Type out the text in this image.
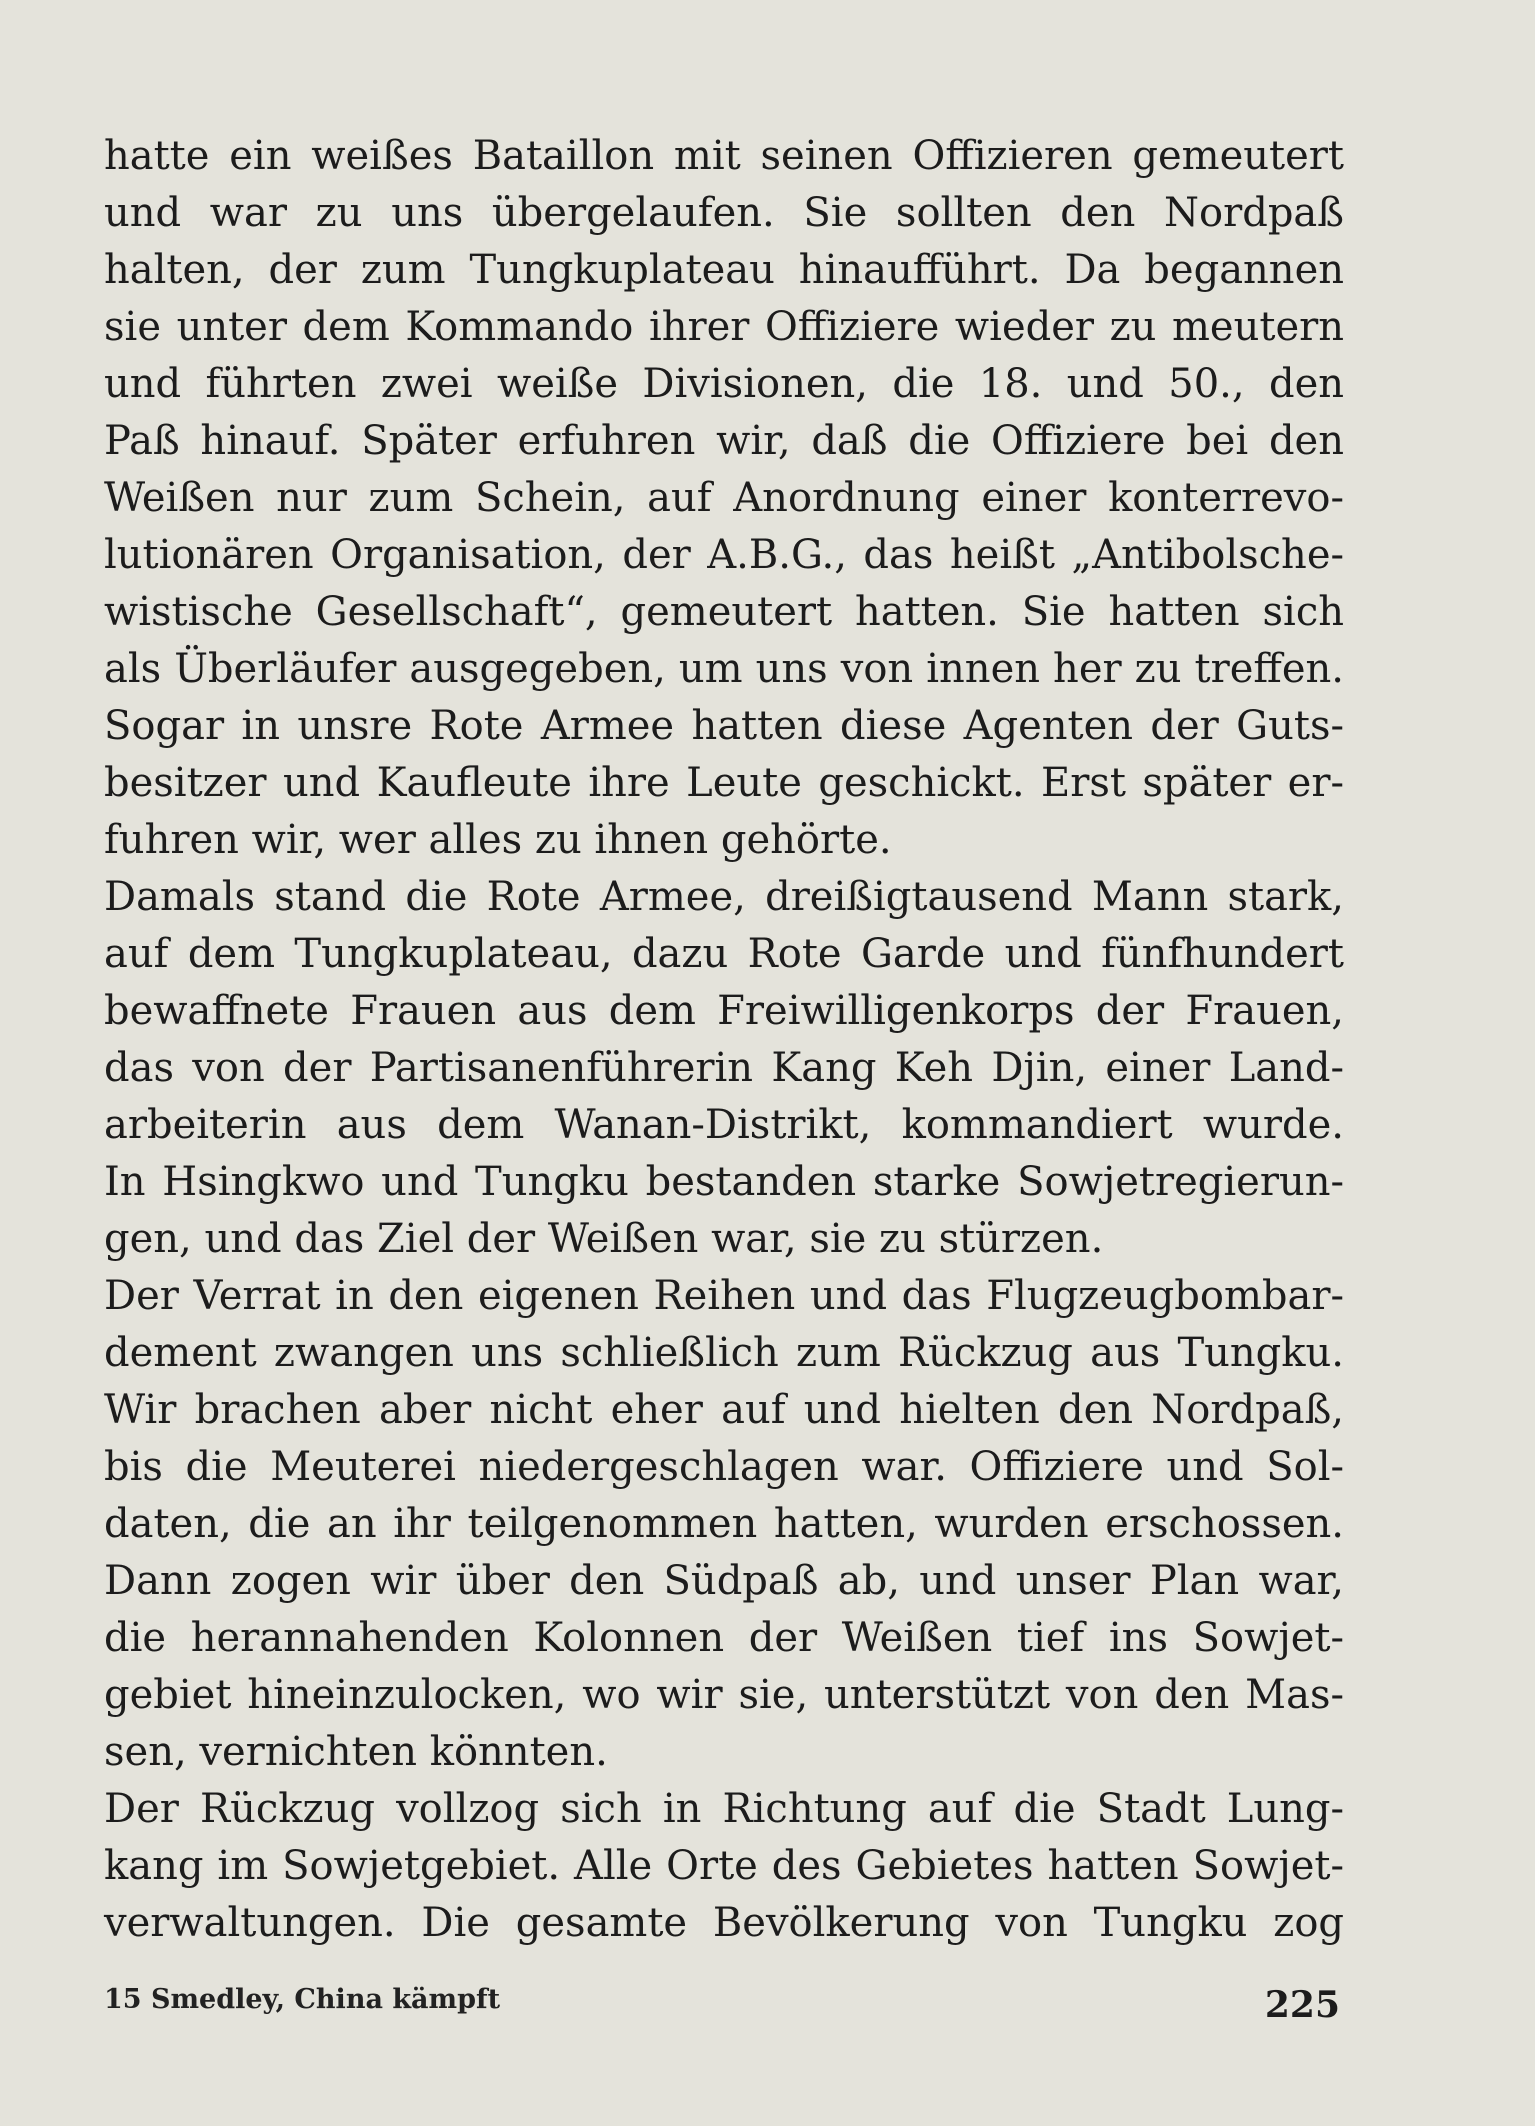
hatte ein weißes Bataillon mit seinen Offizieren gemeutert
und war zu uns übergelaufen. Sie sollten den Nordpaß
halten, der zum Tungkuplateau hinaufführt. Da begannen
sie unter dem Kommando ihrer Offiziere wieder zu meutern
und führten zwei weiße Divisionen, die 18. und 50., den
Paß hinauf. Später erfuhren wir, daß die Offiziere bei den
Weißen nur zum Schein, auf Anordnung einer konterrevo-
lutionären Organisation, der A.B.G., das heißt „Antibolsche-
wistische Gesellschaft“, gemeutert hatten. Sie hatten sich
als Überläufer ausgegeben, um uns von innen her zu treffen.
Sogar in unsre Rote Armee hatten diese Agenten der Guts-
besitzer und Kaufleute ihre Leute geschickt. Erst später er-
fuhren wir, wer alles zu ihnen gehörte.
Damals stand die Rote Armee, dreißigtausend Mann stark,
auf dem Tungkuplateau, dazu Rote Garde und fünfhundert
bewaffnete Frauen aus dem Freiwilligenkorps der Frauen,
das von der Partisanenführerin Kang Keh Djin, einer Land-
arbeiterin aus dem Wanan-Distrikt, kommandiert wurde.
In Hsingkwo und Tungku bestanden starke Sowjetregierun-
gen, und das Ziel der Weißen war, sie zu stürzen.
Der Verrat in den eigenen Reihen und das Flugzeugbombar-
dement zwangen uns schließlich zum Rückzug aus Tungku.
Wir brachen aber nicht eher auf und hielten den Nordpaß,
bis die Meuterei niedergeschlagen war. Offiziere und Sol-
daten, die an ihr teilgenommen hatten, wurden erschossen.
Dann zogen wir über den Südpaß ab, und unser Plan war,
die herannahenden Kolonnen der Weißen tief ins Sowjet-
gebiet hineinzulocken, wo wir sie, unterstützt von den Mas-
sen, vernichten könnten.
Der Rückzug vollzog sich in Richtung auf die Stadt Lung-
kang im Sowjetgebiet. Alle Orte des Gebietes hatten Sowjet-
verwaltungen. Die gesamte Bevölkerung von Tungku zog
15 Smedley, China kämpft	225
